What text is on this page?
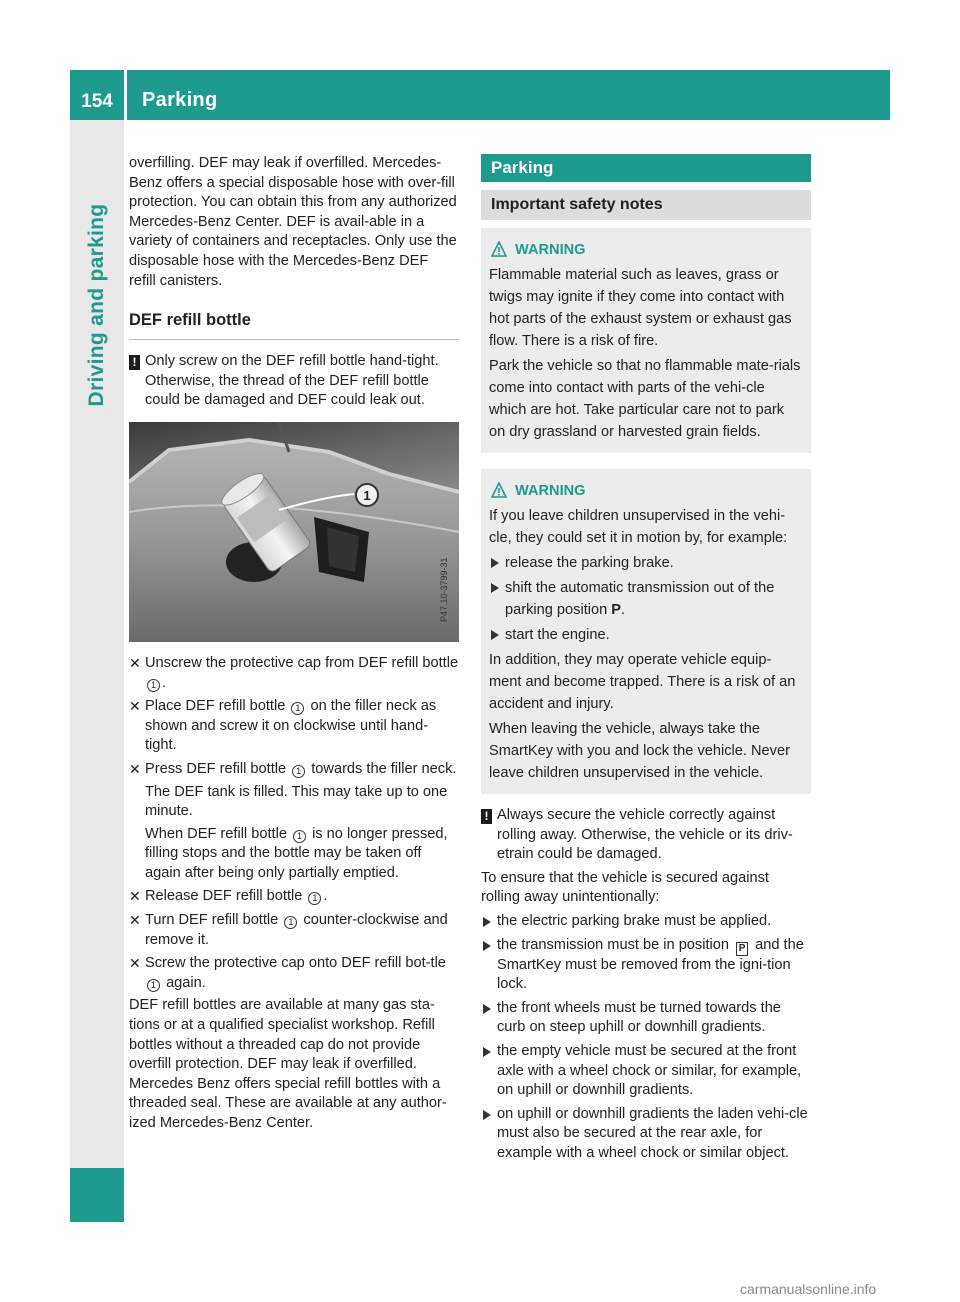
154	Parking
Driving and parking

overfilling. DEF may leak if overfilled. Mercedes-Benz offers a special disposable hose with over-fill protection. You can obtain this from any authorized Mercedes-Benz Center. DEF is avail-able in a variety of containers and receptacles. Only use the disposable hose with the Mercedes-Benz DEF refill canisters.

DEF refill bottle
! Only screw on the DEF refill bottle hand-tight. Otherwise, the thread of the DEF refill bottle could be damaged and DEF could leak out.
1
P47.10-3799-31
✕ Unscrew the protective cap from DEF refill bottle 1 .

✕ Place DEF refill bottle 1 on the filler neck as shown and screw it on clockwise until hand-tight.

✕ Press DEF refill bottle 1 towards the filler neck.

The DEF tank is filled. This may take up to one minute.

When DEF refill bottle 1 is no longer pressed, filling stops and the bottle may be taken off again after being only partially emptied.

✕ Release DEF refill bottle 1 .

✕ Turn DEF refill bottle 1 counter-clockwise and remove it.

✕ Screw the protective cap onto DEF refill bot-tle 1 again.

DEF refill bottles are available at many gas sta-tions or at a qualified specialist workshop. Refill bottles without a threaded cap do not provide overfill protection. DEF may leak if overfilled. Mercedes Benz offers special refill bottles with a threaded seal. These are available at any author-ized Mercedes-Benz Center.

Parking
Important safety notes
WARNING

Flammable material such as leaves, grass or twigs may ignite if they come into contact with hot parts of the exhaust system or exhaust gas flow. There is a risk of fire.

Park the vehicle so that no flammable mate-rials come into contact with parts of the vehi-cle which are hot. Take particular care not to park on dry grassland or harvested grain fields.

WARNING

If you leave children unsupervised in the vehi-cle, they could set it in motion by, for example:

release the parking brake.
shift the automatic transmission out of the parking position P.
start the engine.

In addition, they may operate vehicle equip-ment and become trapped. There is a risk of an accident and injury.

When leaving the vehicle, always take the SmartKey with you and lock the vehicle. Never leave children unsupervised in the vehicle.

! Always secure the vehicle correctly against rolling away. Otherwise, the vehicle or its driv-etrain could be damaged.

To ensure that the vehicle is secured against rolling away unintentionally:

the electric parking brake must be applied.
the transmission must be in position P and the SmartKey must be removed from the igni-tion lock.
the front wheels must be turned towards the curb on steep uphill or downhill gradients.
the empty vehicle must be secured at the front axle with a wheel chock or similar, for example, on uphill or downhill gradients.
on uphill or downhill gradients the laden vehi-cle must also be secured at the rear axle, for example with a wheel chock or similar object.
carmanualsonline.info
